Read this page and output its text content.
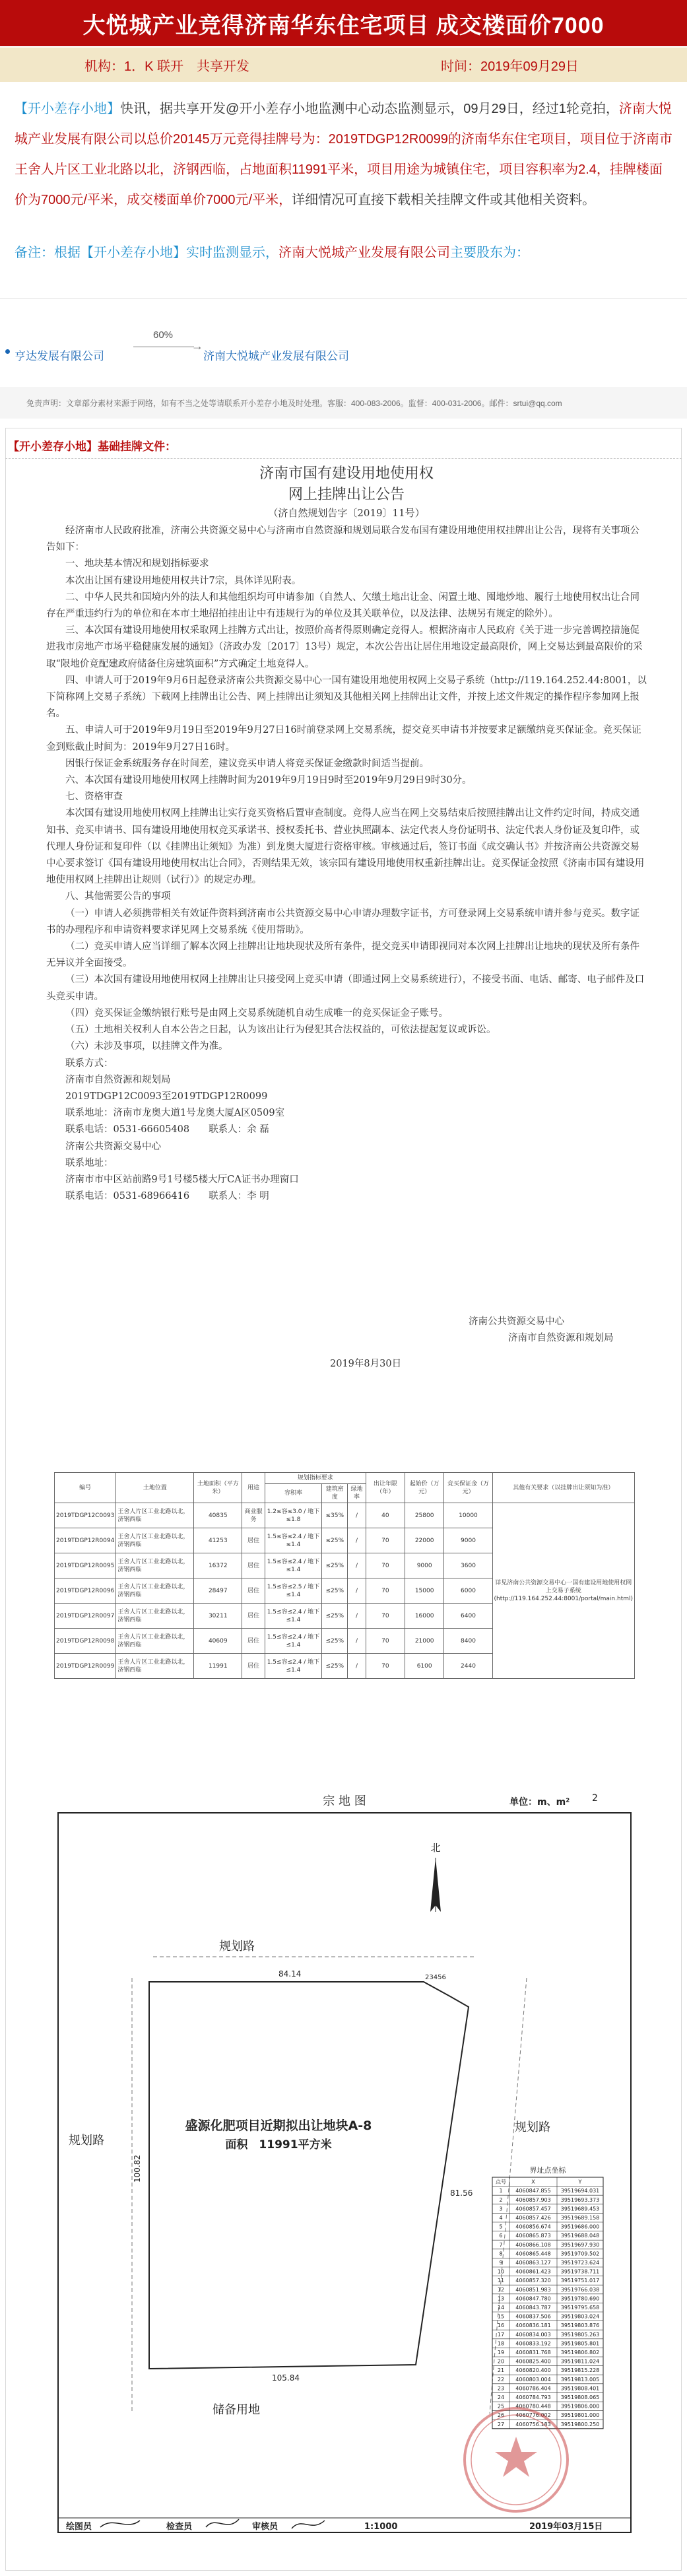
大悦城产业竞得济南华东住宅项目 成交楼面价7000
机构：1．K 联开　共享开发	时间：2019年09月29日
【开小差存小地】快讯，据共享开发@开小差存小地监测中心动态监测显示，09月29日，经过1轮竞拍，济南大悦城产业发展有限公司以总价20145万元竞得挂牌号为：2019TDGP12R0099的济南华东住宅项目，项目位于济南市王舍人片区工业北路以北，济钢西临，占地面积11991平米，项目用途为城镇住宅，项目容积率为2.4，挂牌楼面价为7000元/平米，成交楼面单价7000元/平米，详细情况可直接下载相关挂牌文件或其他相关资料。
备注：根据【开小差存小地】实时监测显示，济南大悦城产业发展有限公司主要股东为：
亨达发展有限公司
60%
→
济南大悦城产业发展有限公司
免责声明：文章部分素材来源于网络，如有不当之处等请联系开小差存小地及时处理。客服：400-083-2006。监督：400-031-2006。邮件：srtui@qq.com
【开小差存小地】基础挂牌文件：
济南市国有建设用地使用权
网上挂牌出让公告
（济自然规划告字〔2019〕11号）

经济南市人民政府批准，济南公共资源交易中心与济南市自然资源和规划局联合发布国有建设用地使用权挂牌出让公告，现将有关事项公告如下：

一、地块基本情况和规划指标要求

本次出让国有建设用地使用权共计7宗，具体详见附表。

二、中华人民共和国境内外的法人和其他组织均可申请参加（自然人、欠缴土地出让金、闲置土地、囤地炒地、履行土地使用权出让合同存在严重违约行为的单位和在本市土地招拍挂出让中有违规行为的单位及其关联单位，以及法律、法规另有规定的除外）。

三、本次国有建设用地使用权采取网上挂牌方式出让，按照价高者得原则确定竞得人。根据济南市人民政府《关于进一步完善调控措施促进我市房地产市场平稳健康发展的通知》（济政办发〔2017〕13号）规定，本次公告出让居住用地设定最高限价，网上交易达到最高限价的采取“限地价竞配建政府储备住房建筑面积”方式确定土地竞得人。

四、申请人可于2019年9月6日起登录济南公共资源交易中心一国有建设用地使用权网上交易子系统（http://119.164.252.44:8001，以下简称网上交易子系统）下载网上挂牌出让公告、网上挂牌出让须知及其他相关网上挂牌出让文件，并按上述文件规定的操作程序参加网上报名。

五、申请人可于2019年9月19日至2019年9月27日16时前登录网上交易系统，提交竞买申请书并按要求足额缴纳竞买保证金。竞买保证金到账截止时间为：2019年9月27日16时。

因银行保证金系统服务存在时间差，建议竞买申请人将竞买保证金缴款时间适当提前。

六、本次国有建设用地使用权网上挂牌时间为2019年9月19日9时至2019年9月29日9时30分。

七、资格审查

本次国有建设用地使用权网上挂牌出让实行竞买资格后置审查制度。竞得人应当在网上交易结束后按照挂牌出让文件约定时间，持成交通知书、竞买申请书、国有建设用地使用权竞买承诺书、授权委托书、营业执照副本、法定代表人身份证明书、法定代表人身份证及复印件，或代理人身份证和复印件（以《挂牌出让须知》为准）到龙奥大厦进行资格审核。审核通过后，签订书面《成交确认书》并按济南公共资源交易中心要求签订《国有建设用地使用权出让合同》，否则结果无效，该宗国有建设用地使用权重新挂牌出让。竞买保证金按照《济南市国有建设用地使用权网上挂牌出让规则（试行）》的规定办理。

八、其他需要公告的事项

（一）申请人必须携带相关有效证件资料到济南市公共资源交易中心申请办理数字证书，方可登录网上交易系统申请并参与竞买。数字证书的办理程序和申请资料要求详见网上交易系统《使用帮助》。

（二）竞买申请人应当详细了解本次网上挂牌出让地块现状及所有条件，提交竞买申请即视同对本次网上挂牌出让地块的现状及所有条件无异议并全面接受。

（三）本次国有建设用地使用权网上挂牌出让只接受网上竞买申请（即通过网上交易系统进行），不接受书面、电话、邮寄、电子邮件及口头竞买申请。

（四）竞买保证金缴纳银行账号是由网上交易系统随机自动生成唯一的竞买保证金子账号。

（五）土地相关权利人自本公告之日起，认为该出让行为侵犯其合法权益的，可依法提起复议或诉讼。

（六）未涉及事项，以挂牌文件为准。

联系方式：

济南市自然资源和规划局

2019TDGP12C0093至2019TDGP12R0099

联系地址：济南市龙奥大道1号龙奥大厦A区0509室

联系电话：0531-66605408　　联系人：余 磊

济南公共资源交易中心

联系地址：

济南市市中区站前路9号1号楼5楼大厅CA证书办理窗口

联系电话：0531-68966416　　联系人：李 明

济南公共资源交易中心
济南市自然资源和规划局
2019年8月30日
编号	土地位置	土地面积（平方米）	用途	规划指标要求			出让年限（年）	起始价（万元）	竞买保证金（万元）	其他有关要求（以挂牌出让须知为准）
				容积率	建筑密度	绿地率				
2019TDGP12C0093	王舍人片区工业北路以北，济钢西临	40835	商业服务	1.2≤容≤3.0 / 地下≤1.8	≤35%	/	40	25800	10000	详见济南公共资源交易中心一国有建设用地使用权网上交易子系统(http://119.164.252.44:8001/portal/main.html)
2019TDGP12R0094	王舍人片区工业北路以北，济钢西临	41253	居住	1.5≤容≤2.4 / 地下≤1.4	≤25%	/	70	22000	9000	
2019TDGP12R0095	王舍人片区工业北路以北，济钢西临	16372	居住	1.5≤容≤2.4 / 地下≤1.4	≤25%	/	70	9000	3600	
2019TDGP12R0096	王舍人片区工业北路以北，济钢西临	28497	居住	1.5≤容≤2.5 / 地下≤1.4	≤25%	/	70	15000	6000	
2019TDGP12R0097	王舍人片区工业北路以北，济钢西临	30211	居住	1.5≤容≤2.4 / 地下≤1.4	≤25%	/	70	16000	6400	
2019TDGP12R0098	王舍人片区工业北路以北，济钢西临	40609	居住	1.5≤容≤2.4 / 地下≤1.4	≤25%	/	70	21000	8400	
2019TDGP12R0099	王舍人片区工业北路以北，济钢西临	11991	居住	1.5≤容≤2.4 / 地下≤1.4	≤25%	/	70	6100	2440	
宗 地 图	单位：m、m² 2
北
规划路
规划路
规划路
84.14
105.84
100.82
81.56
23456
盛源化肥项目近期拟出让地块A-8
面积　11991平方米
储备用地
界址点坐标
点号	X	Y
1 4060847.855 39519694.031
2 4060857.903 39519693.373
3 4060857.457 39519689.453
4 4060857.426 39519689.158
5 4060856.674 39519686.000
6 4060865.873 39519688.048
7 4060866.108 39519697.930
8 4060865.448 39519709.502
9 4060863.127 39519723.624
10 4060861.423 39519738.711
11 4060857.320 39519751.017
12 4060851.983 39519766.038
13 4060847.780 39519780.690
14 4060843.787 39519795.658
15 4060837.506 39519803.024
16 4060836.181 39519803.876
17 4060834.003 39519805.263
18 4060833.192 39519805.801
19 4060831.768 39519806.802
20 4060825.400 39519811.024
21 4060820.400 39519815.228
22 4060803.004 39519813.005
23 4060786.404 39519808.401
24 4060784.793 39519808.065
25 4060780.448 39519806.000
26 4060776.002 39519801.000
27 4060756.183 39519800.250
绘图员	检查员	审核员	1:1000	2019年03月15日
